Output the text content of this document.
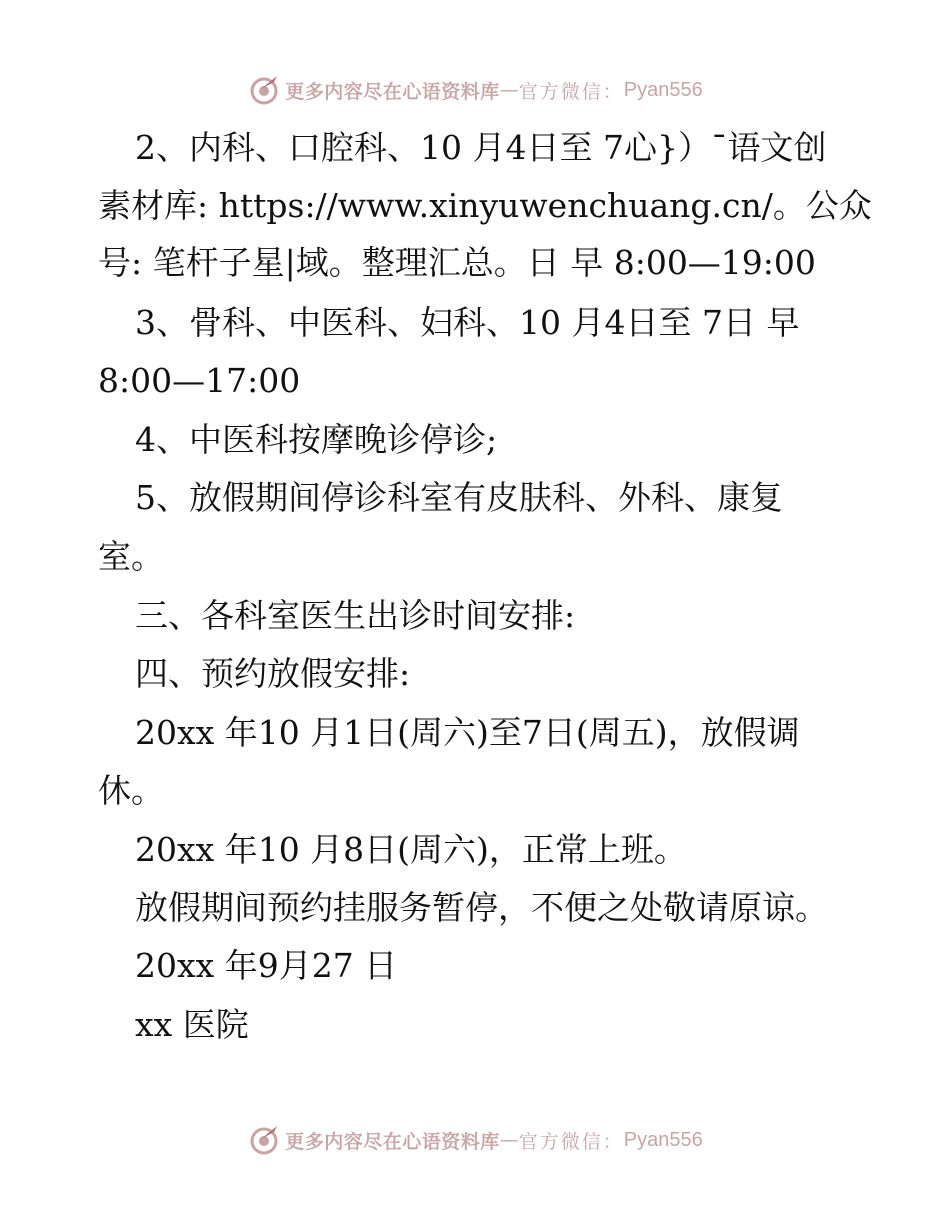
更多内容尽在心语资料库 — 官方微信： Pyan556
2、内科、口腔科、10 月4日至 7心}）¯语文创
素材库: https://www.xinyuwenchuang.cn/。公众
号: 笔杆子星|域。整理汇总。日 早 8:00—19:00
3、骨科、中医科、妇科、10 月4日至 7日 早
8:00—17:00
4、中医科按摩晚诊停诊;
5、放假期间停诊科室有皮肤科、外科、康复
室。
三、各科室医生出诊时间安排:
四、预约放假安排:
20xx 年10 月1日(周六)至7日(周五)，放假调
休。
20xx 年10 月8日(周六)，正常上班。
放假期间预约挂服务暂停，不便之处敬请原谅。
20xx 年9月27 日
xx 医院
更多内容尽在心语资料库 — 官方微信： Pyan556
